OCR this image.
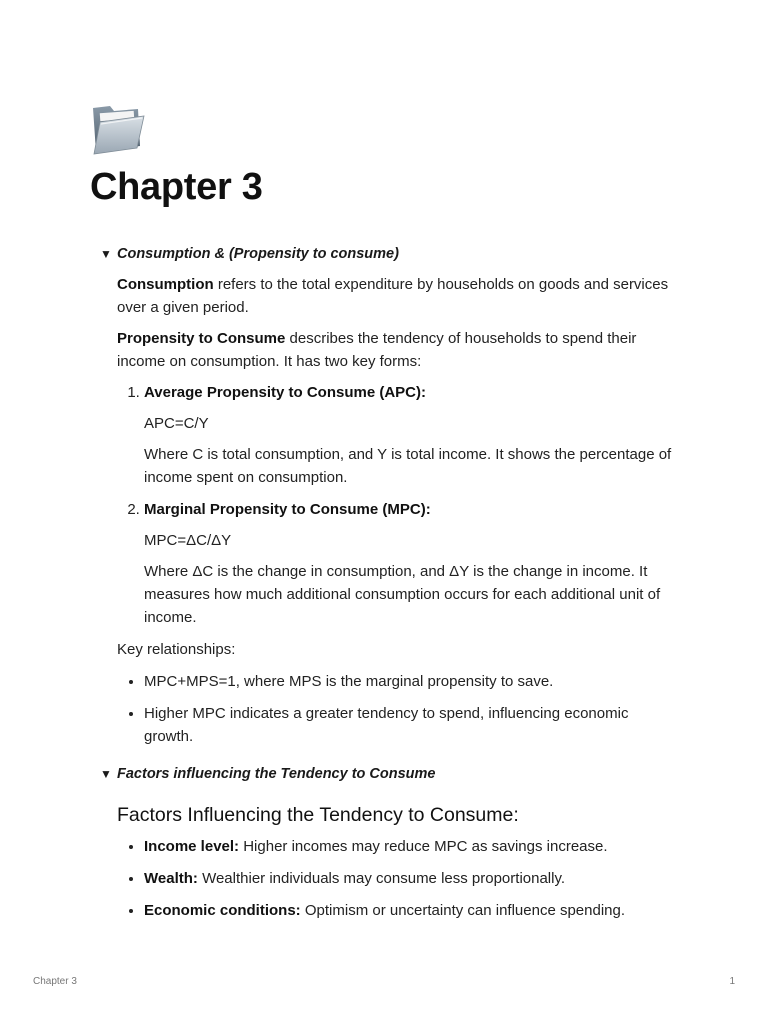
Chapter 3
▼ Consumption & (Propensity to consume)

Consumption refers to the total expenditure by households on goods and services over a given period.

Propensity to Consume describes the tendency of households to spend their income on consumption. It has two key forms:

1. Average Propensity to Consume (APC):
APC=C/Y
Where C is total consumption, and Y is total income. It shows the percentage of income spent on consumption.
2. Marginal Propensity to Consume (MPC):
MPC=ΔC/ΔY
Where ΔC is the change in consumption, and ΔY is the change in income. It measures how much additional consumption occurs for each additional unit of income.

Key relationships:

• MPC+MPS=1, where MPS is the marginal propensity to save.
• Higher MPC indicates a greater tendency to spend, influencing economic growth.
▼ Factors influencing the Tendency to Consume
Factors Influencing the Tendency to Consume:
• Income level: Higher incomes may reduce MPC as savings increase.
• Wealth: Wealthier individuals may consume less proportionally.
• Economic conditions: Optimism or uncertainty can influence spending.
Chapter 3	1
